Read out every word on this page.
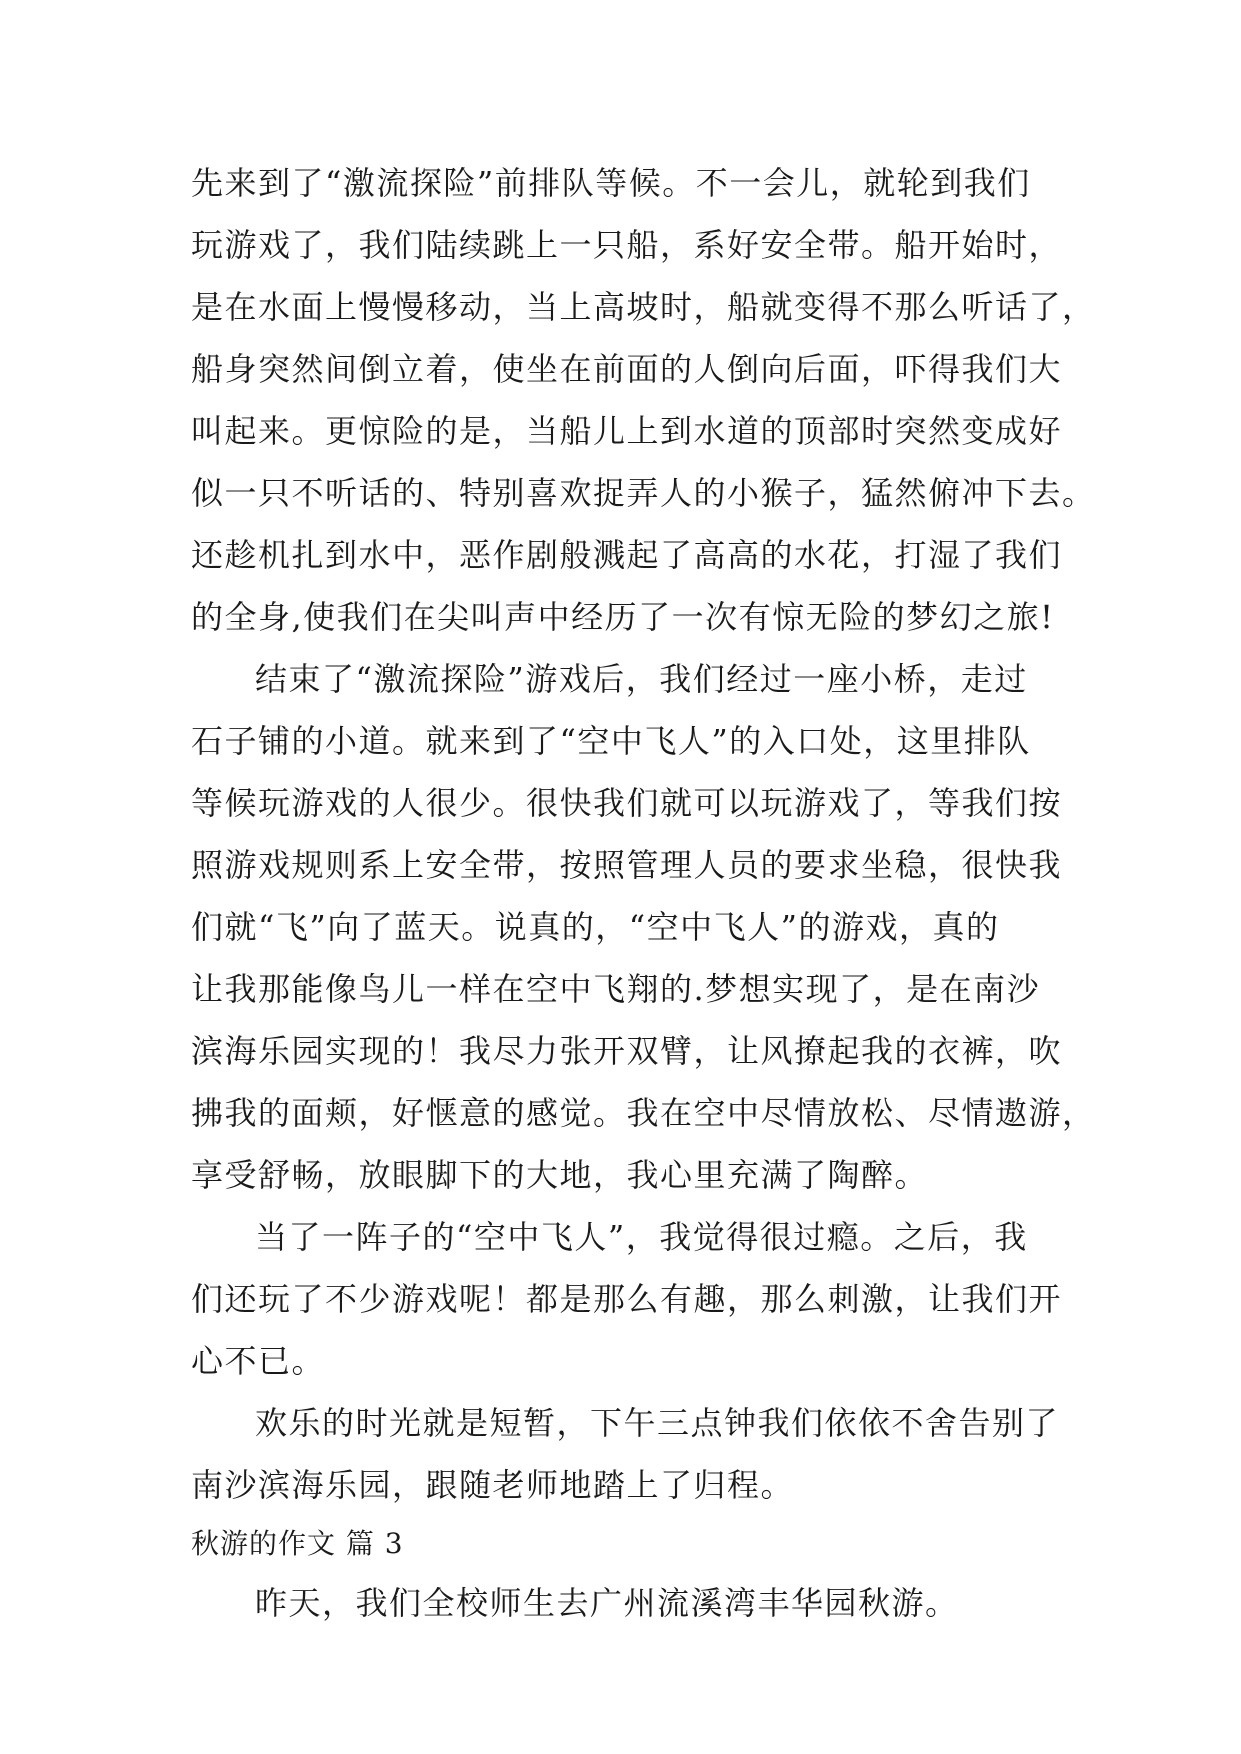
先来到了“激流探险”前排队等候。不一会儿，就轮到我们
玩游戏了，我们陆续跳上一只船，系好安全带。船开始时，
是在水面上慢慢移动，当上高坡时，船就变得不那么听话了，
船身突然间倒立着，使坐在前面的人倒向后面，吓得我们大
叫起来。更惊险的是，当船儿上到水道的顶部时突然变成好
似一只不听话的、特别喜欢捉弄人的小猴子，猛然俯冲下去。
还趁机扎到水中，恶作剧般溅起了高高的水花，打湿了我们
的全身,使我们在尖叫声中经历了一次有惊无险的梦幻之旅!
结束了“激流探险”游戏后，我们经过一座小桥，走过
石子铺的小道。就来到了“空中飞人”的入口处，这里排队
等候玩游戏的人很少。很快我们就可以玩游戏了，等我们按
照游戏规则系上安全带，按照管理人员的要求坐稳，很快我
们就“飞”向了蓝天。说真的，“空中飞人”的游戏，真的
让我那能像鸟儿一样在空中飞翔的.梦想实现了，是在南沙
滨海乐园实现的！我尽力张开双臂，让风撩起我的衣裤，吹
拂我的面颊，好惬意的感觉。我在空中尽情放松、尽情遨游，
享受舒畅，放眼脚下的大地，我心里充满了陶醉。
当了一阵子的“空中飞人”，我觉得很过瘾。之后，我
们还玩了不少游戏呢！都是那么有趣，那么刺激，让我们开
心不已。
欢乐的时光就是短暂，下午三点钟我们依依不舍告别了
南沙滨海乐园，跟随老师地踏上了归程。
秋游的作文 篇 3
昨天，我们全校师生去广州流溪湾丰华园秋游。
